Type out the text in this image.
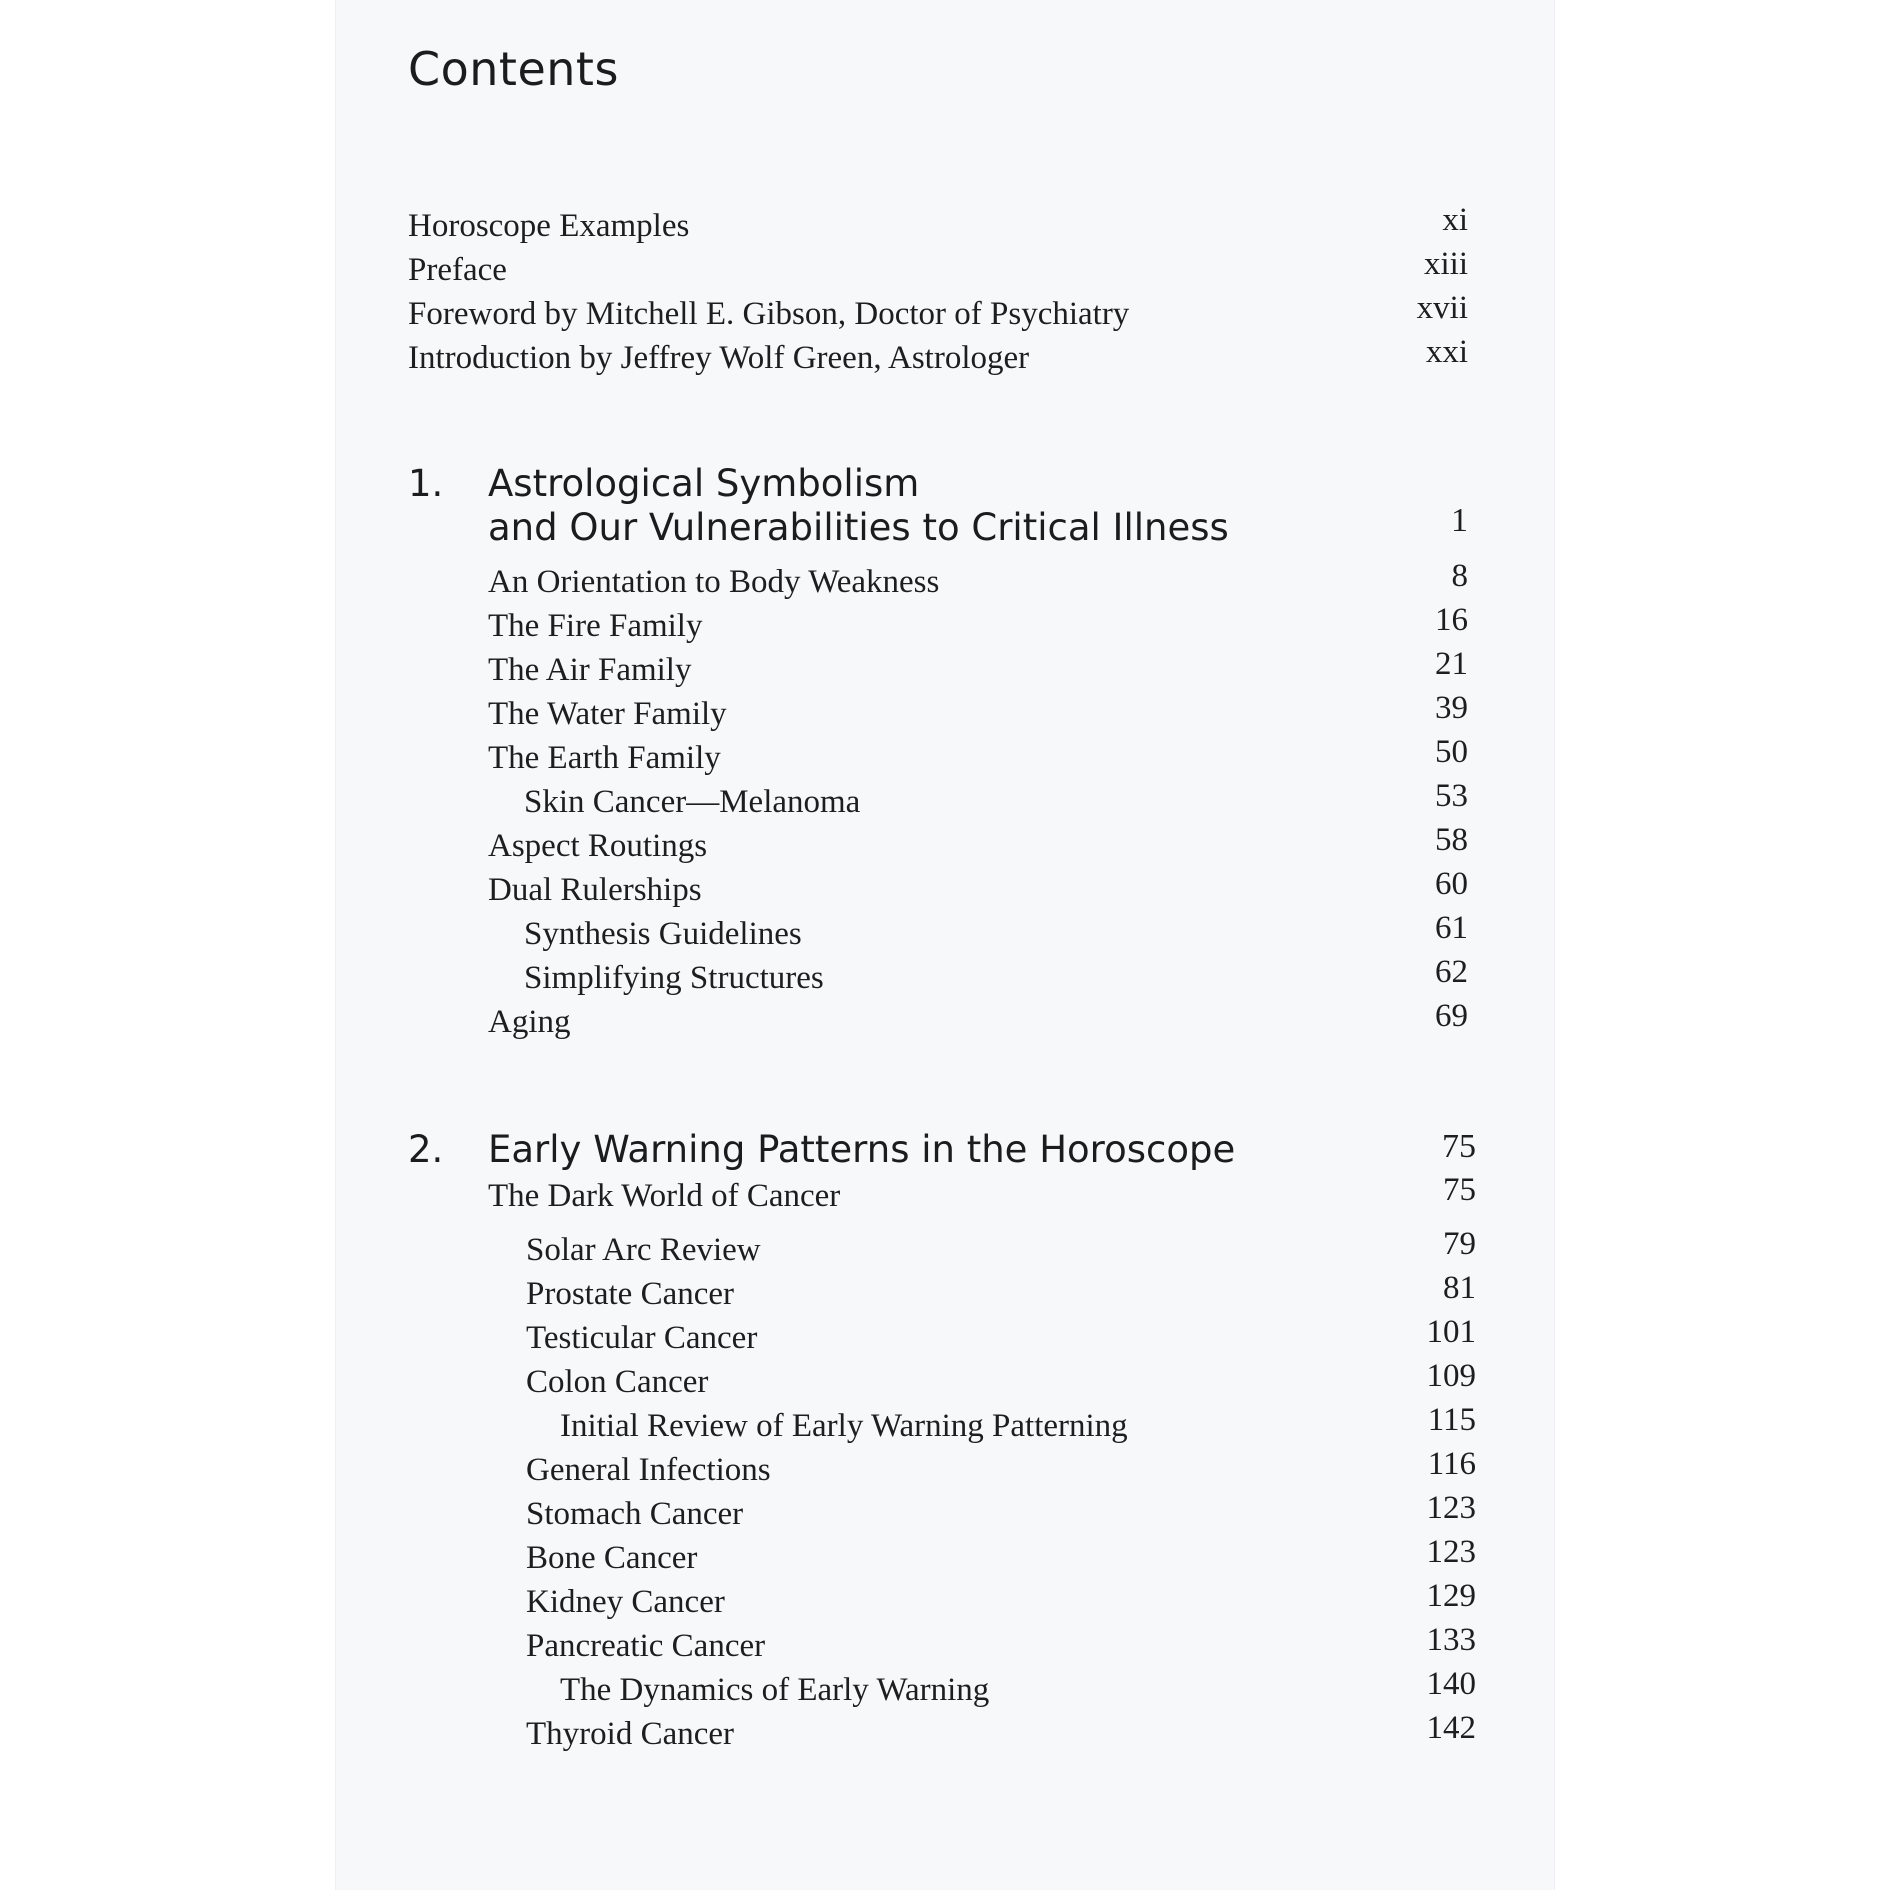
Contents
Horoscope Examples	xi
Preface	xiii
Foreword by Mitchell E. Gibson, Doctor of Psychiatry	xvii
Introduction by Jeffrey Wolf Green, Astrologer	xxi
1. Astrological Symbolism
and Our Vulnerabilities to Critical Illness	1
An Orientation to Body Weakness	8
The Fire Family	16
The Air Family	21
The Water Family	39
The Earth Family	50
Skin Cancer—Melanoma	53
Aspect Routings	58
Dual Rulerships	60
Synthesis Guidelines	61
Simplifying Structures	62
Aging	69
2. Early Warning Patterns in the Horoscope	75
The Dark World of Cancer	75
Solar Arc Review	79
Prostate Cancer	81
Testicular Cancer	101
Colon Cancer	109
Initial Review of Early Warning Patterning	115
General Infections	116
Stomach Cancer	123
Bone Cancer	123
Kidney Cancer	129
Pancreatic Cancer	133
The Dynamics of Early Warning	140
Thyroid Cancer	142
